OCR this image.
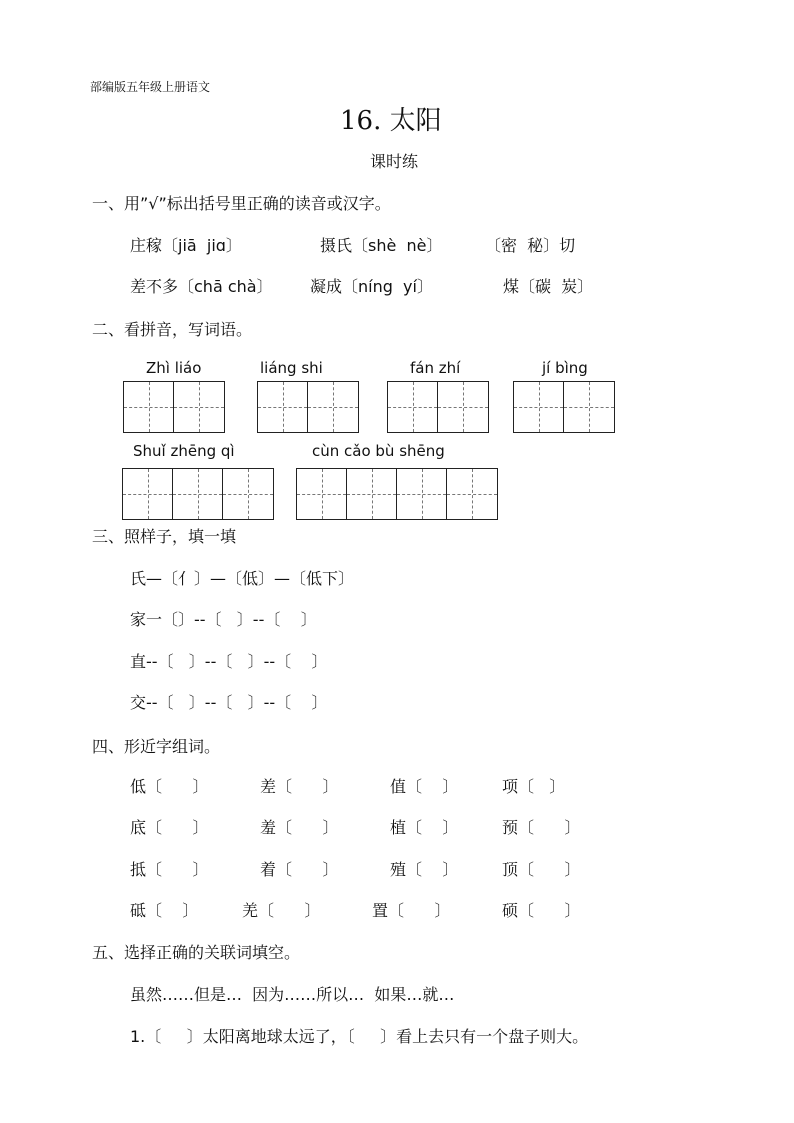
部编版五年级上册语文
16. 太阳
课时练
一、用”√”标出括号里正确的读音或汉字。
庄稼〔jiā  jiɑ〕	摄氏〔shè  nè〕	〔密  秘〕切
差不多〔chā chà〕 凝成〔níng  yí〕	煤〔碳  炭〕
二、看拼音，写词语。
Zhì liáo	liáng shi	fán zhí	jí bìng
Shuǐ zhēng qì	cùn cǎo bù shēng
三、照样子，填一填
氏—〔亻〕—〔低〕—〔低下〕
家一〔〕--〔   〕--〔    〕
直--〔   〕--〔   〕--〔    〕
交--〔   〕--〔   〕--〔    〕
四、形近字组词。
低〔      〕	差〔      〕	值〔    〕	项〔   〕
底〔      〕	羞〔      〕	植〔    〕	预〔      〕
抵〔      〕	着〔      〕	殖〔    〕	顶〔      〕
砥〔    〕	羌〔      〕	置〔      〕	硕〔      〕
五、选择正确的关联词填空。
虽然……但是…  因为……所以…  如果…就…
1.〔     〕太阳离地球太远了，〔     〕看上去只有一个盘子则大。
